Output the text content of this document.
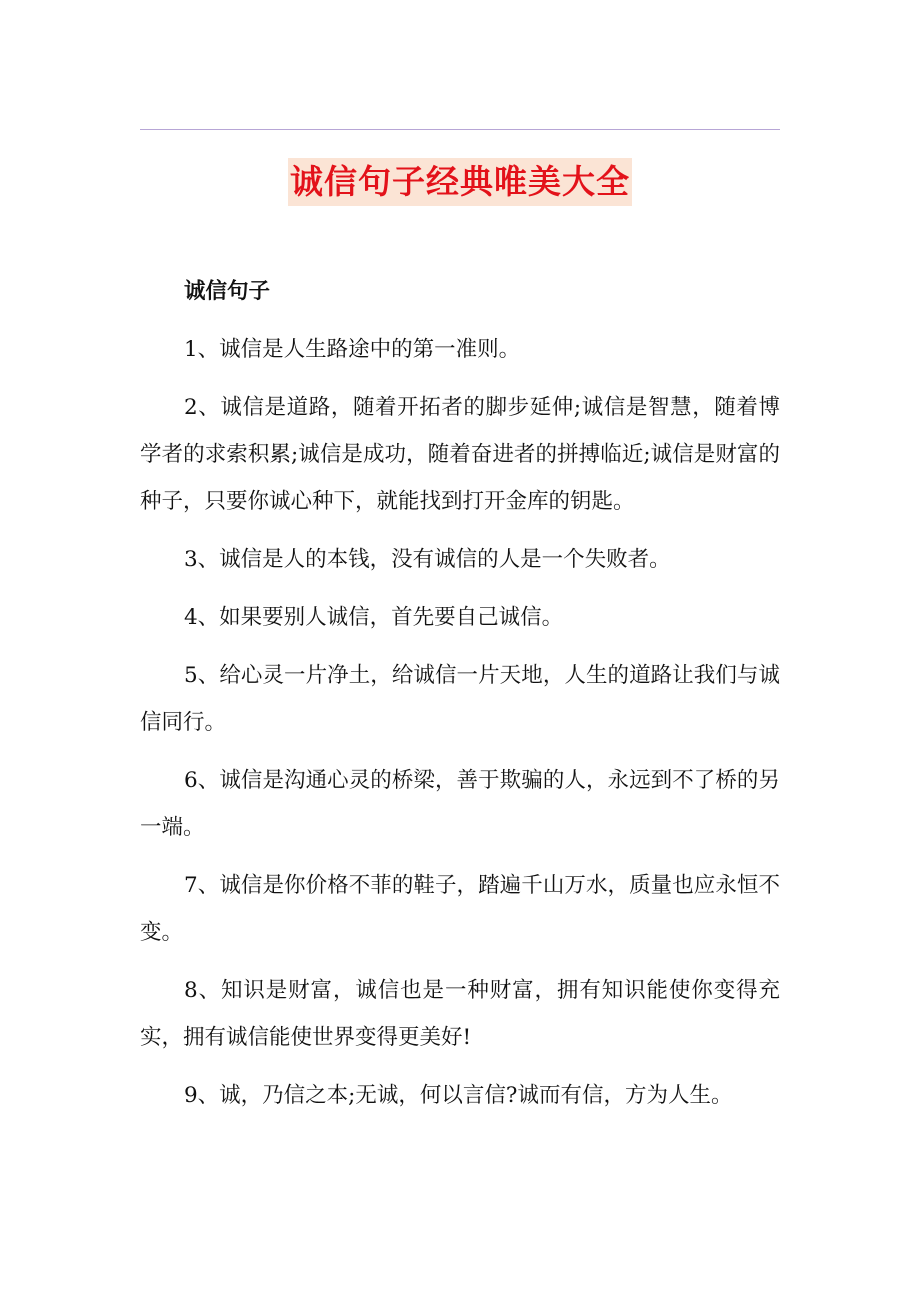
诚信句子经典唯美大全

诚信句子

1、诚信是人生路途中的第一准则。

2、诚信是道路，随着开拓者的脚步延伸;诚信是智慧，随着博学者的求索积累;诚信是成功，随着奋进者的拼搏临近;诚信是财富的种子，只要你诚心种下，就能找到打开金库的钥匙。

3、诚信是人的本钱，没有诚信的人是一个失败者。

4、如果要别人诚信，首先要自己诚信。

5、给心灵一片净土，给诚信一片天地，人生的道路让我们与诚信同行。

6、诚信是沟通心灵的桥梁，善于欺骗的人，永远到不了桥的另一端。

7、诚信是你价格不菲的鞋子，踏遍千山万水，质量也应永恒不变。

8、知识是财富，诚信也是一种财富，拥有知识能使你变得充实，拥有诚信能使世界变得更美好!

9、诚，乃信之本;无诚，何以言信?诚而有信，方为人生。
